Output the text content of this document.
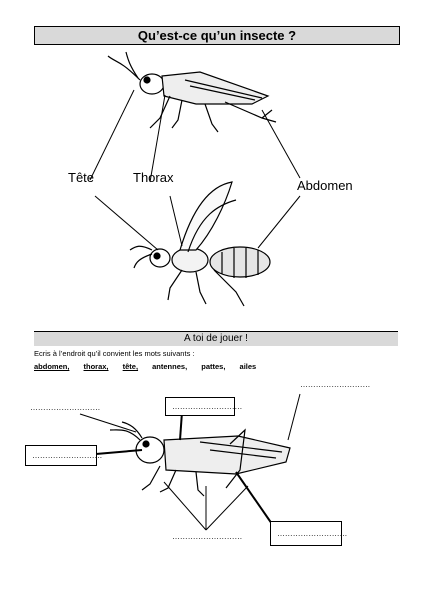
Qu’est-ce qu’un insecte ?
Tête	Thorax
Abdomen
A toi de jouer !
Ecris à l’endroit qu’il convient les mots suivants :
abdomen, thorax, tête, antennes, pattes, ailes
………………………	………………………
………………………
………………………
………………………	………………………
